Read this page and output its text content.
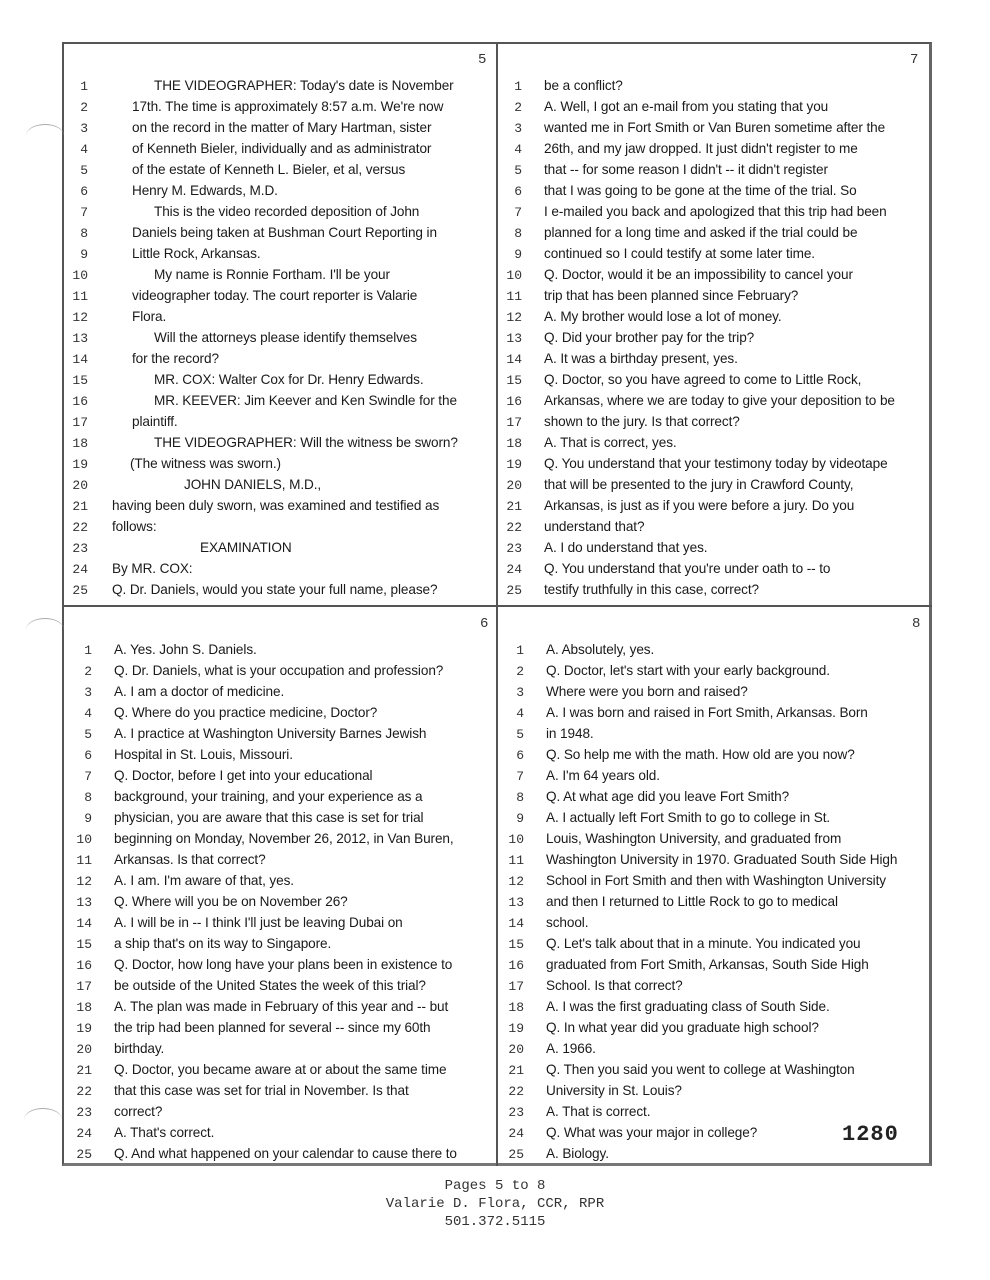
5
1	THE VIDEOGRAPHER: Today's date is November
2	17th. The time is approximately 8:57 a.m. We're now
3	on the record in the matter of Mary Hartman, sister
4	of Kenneth Bieler, individually and as administrator
5	of the estate of Kenneth L. Bieler, et al, versus
6	Henry M. Edwards, M.D.
7	This is the video recorded deposition of John
8	Daniels being taken at Bushman Court Reporting in
9	Little Rock, Arkansas.
10	My name is Ronnie Fortham. I'll be your
11	videographer today. The court reporter is Valarie
12	Flora.
13	Will the attorneys please identify themselves
14	for the record?
15	MR. COX: Walter Cox for Dr. Henry Edwards.
16	MR. KEEVER: Jim Keever and Ken Swindle for the
17	plaintiff.
18	THE VIDEOGRAPHER: Will the witness be sworn?
19	(The witness was sworn.)
20	JOHN DANIELS, M.D.,
21 having been duly sworn, was examined and testified as
22 follows:
23	EXAMINATION
24 By MR. COX:
25 Q. Dr. Daniels, would you state your full name, please?
7
1 be a conflict?
2 A. Well, I got an e-mail from you stating that you
3 wanted me in Fort Smith or Van Buren sometime after the
4 26th, and my jaw dropped. It just didn't register to me
5 that -- for some reason I didn't -- it didn't register
6 that I was going to be gone at the time of the trial. So
7 I e-mailed you back and apologized that this trip had been
8 planned for a long time and asked if the trial could be
9 continued so I could testify at some later time.
10 Q. Doctor, would it be an impossibility to cancel your
11 trip that has been planned since February?
12 A. My brother would lose a lot of money.
13 Q. Did your brother pay for the trip?
14 A. It was a birthday present, yes.
15 Q. Doctor, so you have agreed to come to Little Rock,
16 Arkansas, where we are today to give your deposition to be
17 shown to the jury. Is that correct?
18 A. That is correct, yes.
19 Q. You understand that your testimony today by videotape
20 that will be presented to the jury in Crawford County,
21 Arkansas, is just as if you were before a jury. Do you
22 understand that?
23 A. I do understand that yes.
24 Q. You understand that you're under oath to -- to
25 testify truthfully in this case, correct?
6
1 A. Yes. John S. Daniels.
2 Q. Dr. Daniels, what is your occupation and profession?
3 A. I am a doctor of medicine.
4 Q. Where do you practice medicine, Doctor?
5 A. I practice at Washington University Barnes Jewish
6 Hospital in St. Louis, Missouri.
7 Q. Doctor, before I get into your educational
8 background, your training, and your experience as a
9 physician, you are aware that this case is set for trial
10 beginning on Monday, November 26, 2012, in Van Buren,
11 Arkansas. Is that correct?
12 A. I am. I'm aware of that, yes.
13 Q. Where will you be on November 26?
14 A. I will be in -- I think I'll just be leaving Dubai on
15 a ship that's on its way to Singapore.
16 Q. Doctor, how long have your plans been in existence to
17 be outside of the United States the week of this trial?
18 A. The plan was made in February of this year and -- but
19 the trip had been planned for several -- since my 60th
20 birthday.
21 Q. Doctor, you became aware at or about the same time
22 that this case was set for trial in November. Is that
23 correct?
24 A. That's correct.
25 Q. And what happened on your calendar to cause there to
8
1 A. Absolutely, yes.
2 Q. Doctor, let's start with your early background.
3 Where were you born and raised?
4 A. I was born and raised in Fort Smith, Arkansas. Born
5 in 1948.
6 Q. So help me with the math. How old are you now?
7 A. I'm 64 years old.
8 Q. At what age did you leave Fort Smith?
9 A. I actually left Fort Smith to go to college in St.
10 Louis, Washington University, and graduated from
11 Washington University in 1970. Graduated South Side High
12 School in Fort Smith and then with Washington University
13 and then I returned to Little Rock to go to medical
14 school.
15 Q. Let's talk about that in a minute. You indicated you
16 graduated from Fort Smith, Arkansas, South Side High
17 School. Is that correct?
18 A. I was the first graduating class of South Side.
19 Q. In what year did you graduate high school?
20 A. 1966.
21 Q. Then you said you went to college at Washington
22 University in St. Louis?
23 A. That is correct.
24 Q. What was your major in college?
25 A. Biology.
1280
Pages 5 to 8
Valarie D. Flora, CCR, RPR
501.372.5115
